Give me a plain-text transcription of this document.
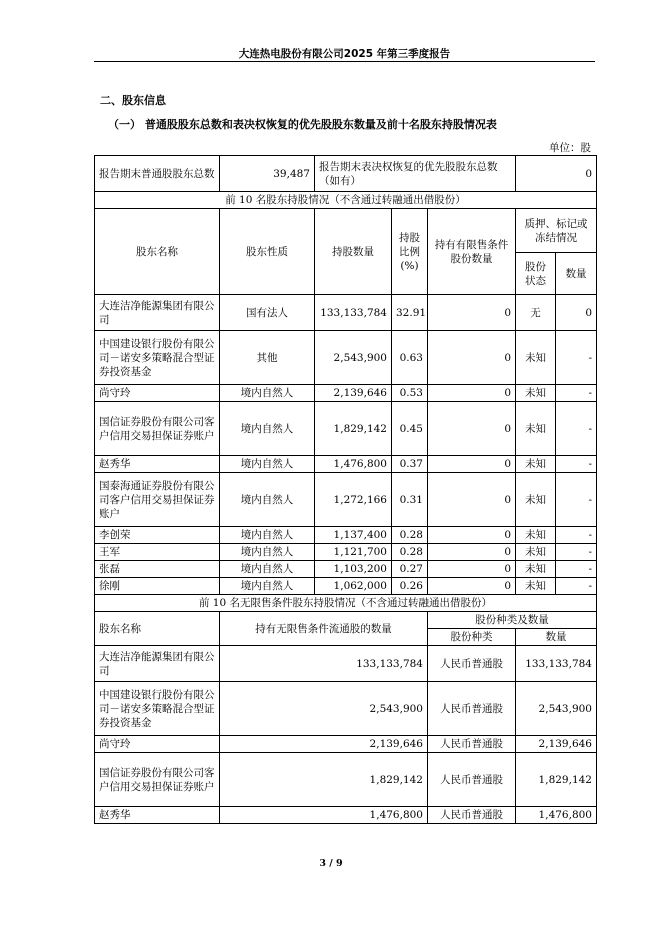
大连热电股份有限公司2025 年第三季度报告
二、股东信息
（一） 普通股股东总数和表决权恢复的优先股股东数量及前十名股东持股情况表
单位：股
报告期末普通股股东总数	39,487	报告期末表决权恢复的优先股股东总数（如有）			0	
前 10 名股东持股情况（不含通过转融通出借股份）						
股东名称	股东性质	持股数量	持股比例(%)	持有有限售条件股份数量	质押、标记或冻结情况	
					股份状态	数量
大连洁净能源集团有限公司	国有法人	133,133,784	32.91	0	无	0
中国建设银行股份有限公司－诺安多策略混合型证券投资基金	其他	2,543,900	0.63	0	未知	-
尚守玲	境内自然人	2,139,646	0.53	0	未知	-
国信证券股份有限公司客户信用交易担保证券账户	境内自然人	1,829,142	0.45	0	未知	-
赵秀华	境内自然人	1,476,800	0.37	0	未知	-
国泰海通证券股份有限公司客户信用交易担保证券账户	境内自然人	1,272,166	0.31	0	未知	-
李创荣	境内自然人	1,137,400	0.28	0	未知	-
王军	境内自然人	1,121,700	0.28	0	未知	-
张磊	境内自然人	1,103,200	0.27	0	未知	-
徐刚	境内自然人	1,062,000	0.26	0	未知	-
前 10 名无限售条件股东持股情况（不含通过转融通出借股份）						
股东名称	持有无限售条件流通股的数量			股份种类及数量		
				股份种类	数量	
大连洁净能源集团有限公司	133,133,784			人民币普通股	133,133,784	
中国建设银行股份有限公司－诺安多策略混合型证券投资基金	2,543,900			人民币普通股	2,543,900	
尚守玲	2,139,646			人民币普通股	2,139,646	
国信证券股份有限公司客户信用交易担保证券账户	1,829,142			人民币普通股	1,829,142	
赵秀华	1,476,800			人民币普通股	1,476,800	
3 / 9
